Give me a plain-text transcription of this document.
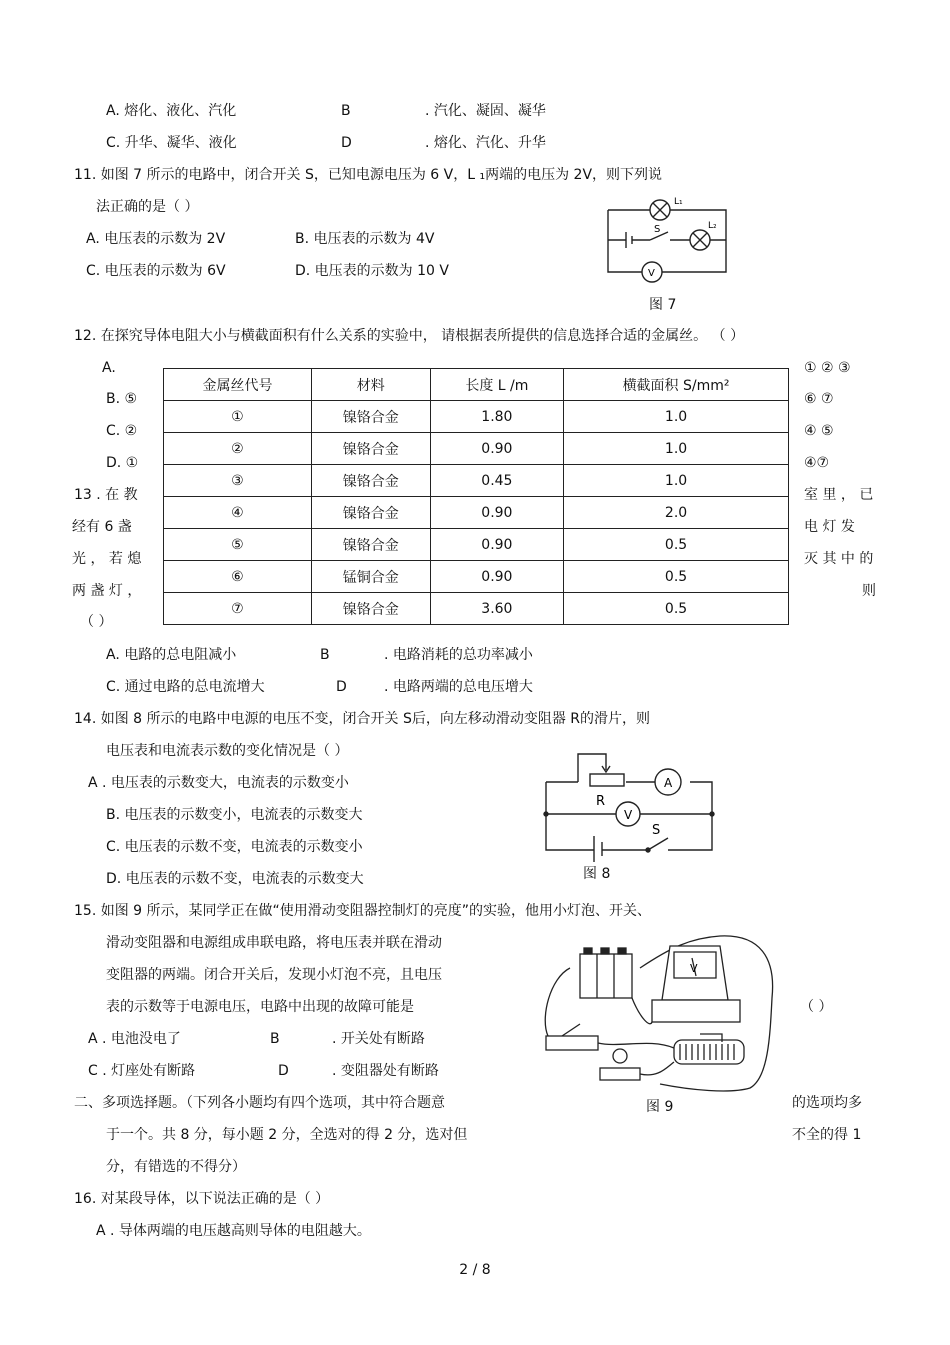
A. 熔化、液化、汽化	B	. 汽化、凝固、凝华
C. 升华、凝华、液化	D	. 熔化、汽化、升华
11. 如图 7 所示的电路中，闭合开关 S，已知电源电压为 6 V，L ₁两端的电压为 2V，则下列说
法正确的是（ ）
A. 电压表的示数为 2V	B. 电压表的示数为 4V
C. 电压表的示数为 6V	D. 电压表的示数为 10 V
L₁
L₂
S
V
图 7
12. 在探究导体电阻大小与横截面积有什么关系的实验中， 请根据表所提供的信息选择合适的金属丝。 （ ）
A.
B. ⑤
C. ②
D. ①
① ② ③
⑥ ⑦
④ ⑤
④⑦
金属丝代号	材料	长度 L /m	横截面积 S/mm²
①	镍铬合金	1.80	1.0
②	镍铬合金	0.90	1.0
③	镍铬合金	0.45	1.0
④	镍铬合金	0.90	2.0
⑤	镍铬合金	0.90	0.5
⑥	锰铜合金	0.90	0.5
⑦	镍铬合金	3.60	0.5
13 . 在 教
经有 6 盏
光 ， 若 熄
两 盏 灯 ，
（ ）
室 里 ， 已
电 灯 发
灭 其 中 的
则
A. 电路的总电阻减小	B	. 电路消耗的总功率减小
C. 通过电路的总电流增大	D	. 电路两端的总电压增大
14. 如图 8 所示的电路中电源的电压不变，闭合开关 S后，向左移动滑动变阻器 R的滑片，则
电压表和电流表示数的变化情况是（ ）
A . 电压表的示数变大，电流表的示数变小
B. 电压表的示数变小，电流表的示数变大
C. 电压表的示数不变，电流表的示数变小
D. 电压表的示数不变，电流表的示数变大
A
R
V
S
图 8
15. 如图 9 所示，某同学正在做“使用滑动变阻器控制灯的亮度”的实验，他用小灯泡、开关、
滑动变阻器和电源组成串联电路，将电压表并联在滑动
变阻器的两端。闭合开关后，发现小灯泡不亮，且电压
表的示数等于电源电压，电路中出现的故障可能是	（ ）
A . 电池没电了	B	. 开关处有断路
C . 灯座处有断路	D	. 变阻器处有断路
V
图 9
二、多项选择题。（下列各小题均有四个选项，其中符合题意	的选项均多
于一个。共 8 分，每小题 2 分，全选对的得 2 分，选对但	不全的得 1
分，有错选的不得分）
16. 对某段导体，以下说法正确的是（ ）
A . 导体两端的电压越高则导体的电阻越大。
2 / 8
